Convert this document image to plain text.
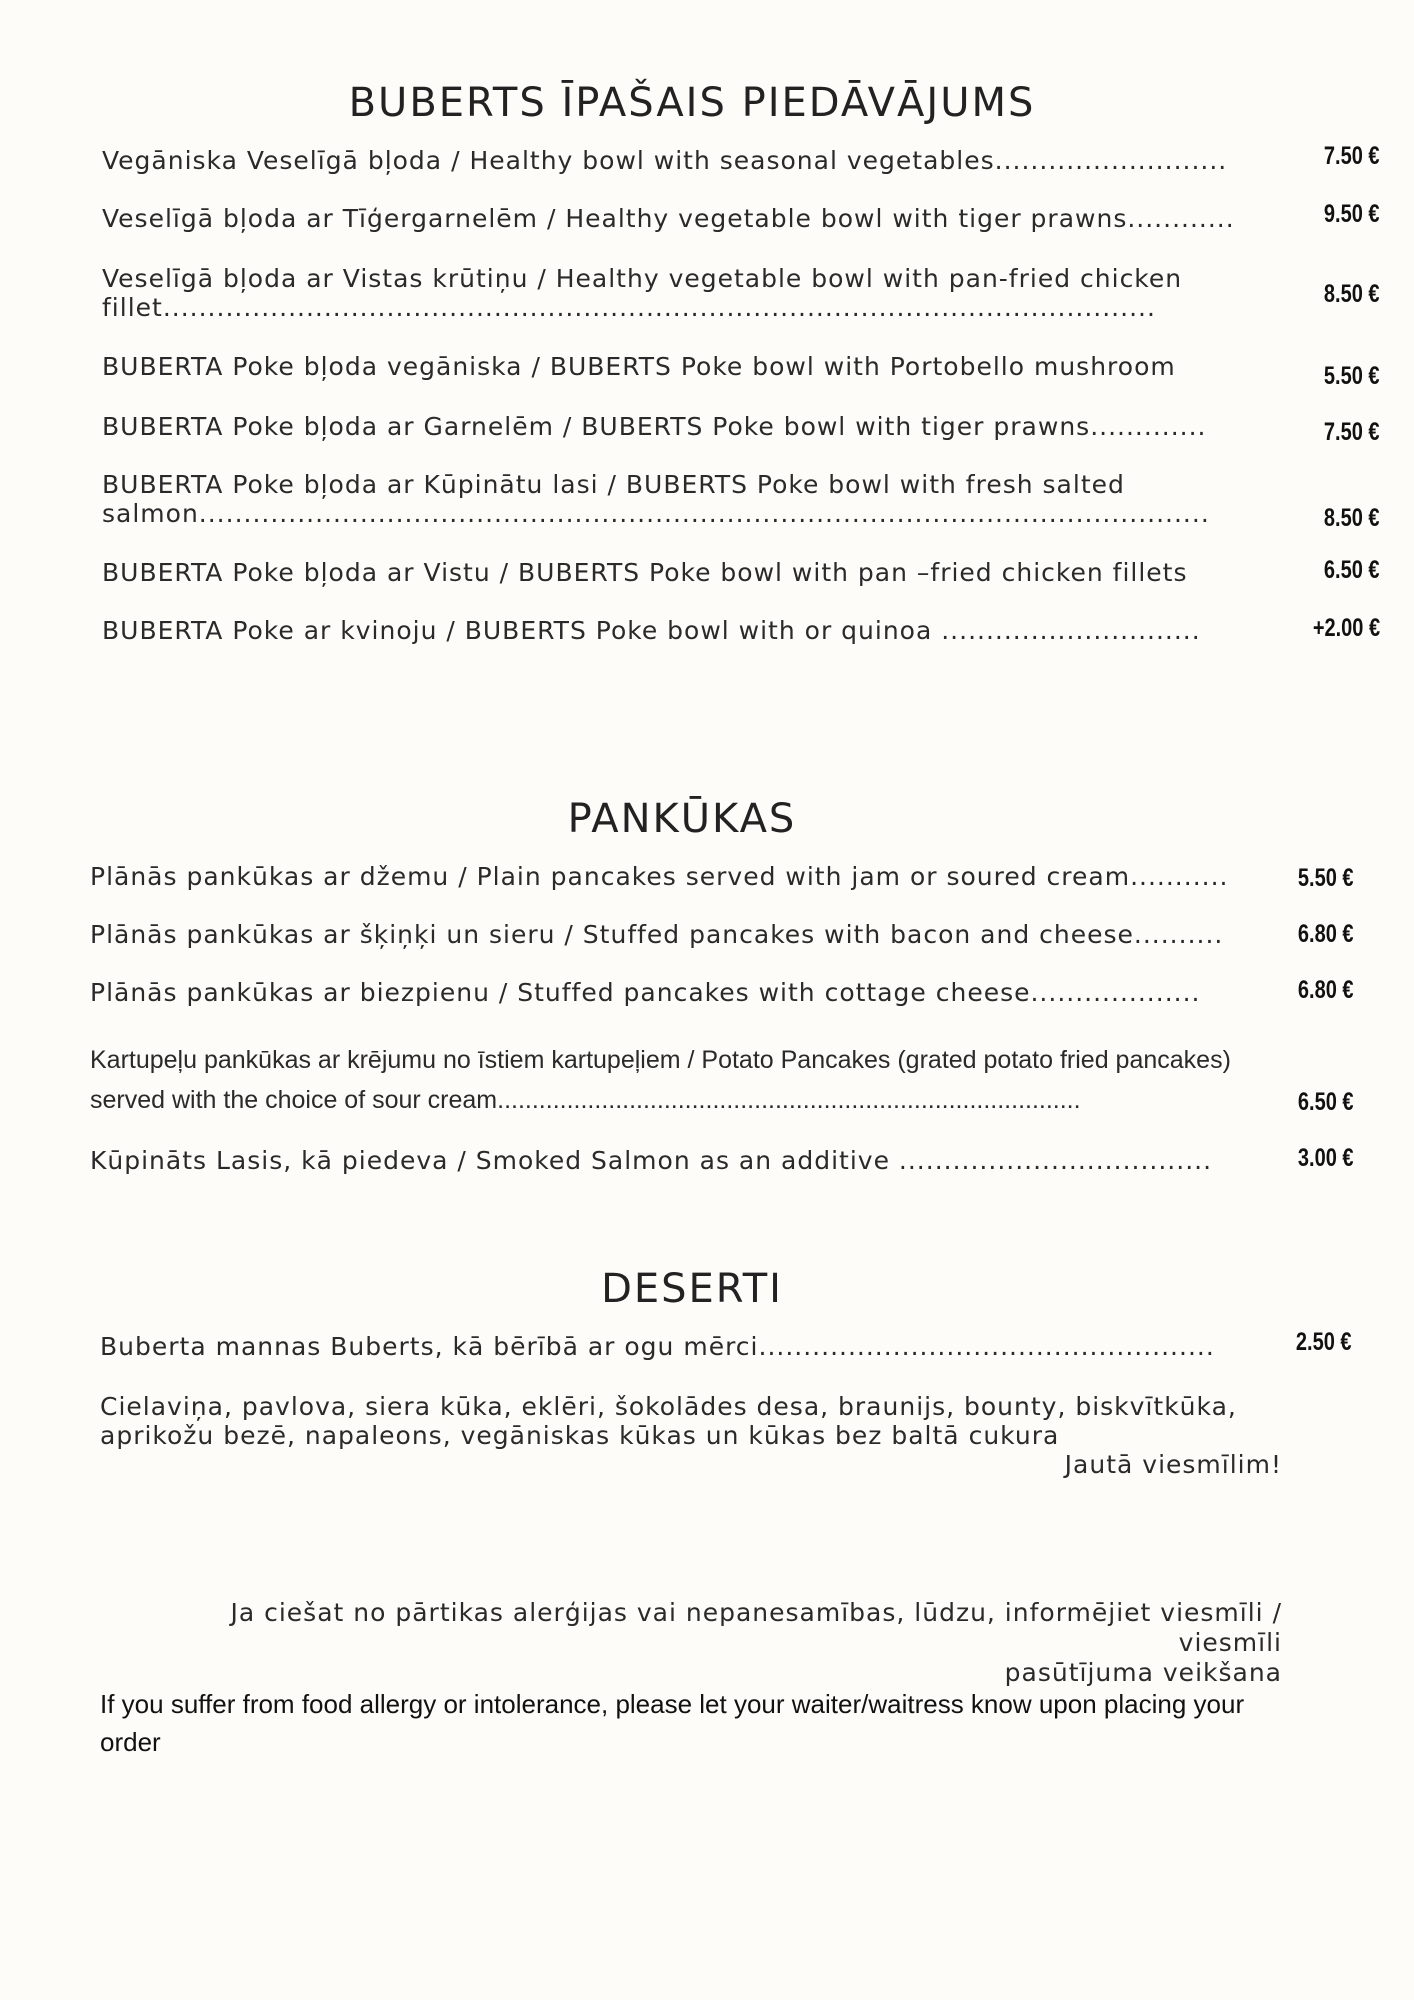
BUBERTS ĪPAŠAIS PIEDĀVĀJUMS
Vegāniska Veselīgā bļoda / Healthy bowl with seasonal vegetables..........................	7.50 €
Veselīgā bļoda ar Tīģergarnelēm / Healthy vegetable bowl with tiger prawns............	9.50 €
Veselīgā bļoda ar Vistas krūtiņu / Healthy vegetable bowl with pan-fried chicken fillet...............................................................................................................	8.50 €
BUBERTA Poke bļoda vegāniska / BUBERTS Poke bowl with Portobello mushroom	5.50 €
BUBERTA Poke bļoda ar Garnelēm / BUBERTS Poke bowl with tiger prawns.............	7.50 €
BUBERTA Poke bļoda ar Kūpinātu lasi / BUBERTS Poke bowl with fresh salted salmon.................................................................................................................	8.50 €
BUBERTA Poke bļoda ar Vistu / BUBERTS Poke bowl with pan –fried chicken fillets	6.50 €
BUBERTA Poke ar kvinoju / BUBERTS Poke bowl with or quinoa .............................	+2.00 €
PANKŪKAS
Plānās pankūkas ar džemu / Plain pancakes served with jam or soured cream...........	5.50 €
Plānās pankūkas ar šķiņķi un sieru / Stuffed pancakes with bacon and cheese..........	6.80 €
Plānās pankūkas ar biezpienu / Stuffed pancakes with cottage cheese...................	6.80 €
Kartupeļu pankūkas ar krējumu no īstiem kartupeļiem / Potato Pancakes (grated potato fried pancakes) served with the choice of sour cream....................................................................................	6.50 €
Kūpināts Lasis, kā piedeva / Smoked Salmon as an additive ...................................	3.00 €
DESERTI
Buberta mannas Buberts, kā bērībā ar ogu mērci...................................................	2.50 €
Cielaviņa, pavlova, siera kūka, eklēri, šokolādes desa, braunijs, bounty, biskvītkūka, aprikožu bezē, napaleons, vegāniskas kūkas un kūkas bez baltā cukura
Jautā viesmīlim!
Ja ciešat no pārtikas alerģijas vai nepanesamības, lūdzu, informējiet viesmīli /
viesmīli
pasūtījuma veikšana
If you suffer from food allergy or intolerance, please let your waiter/waitress know upon placing your order
